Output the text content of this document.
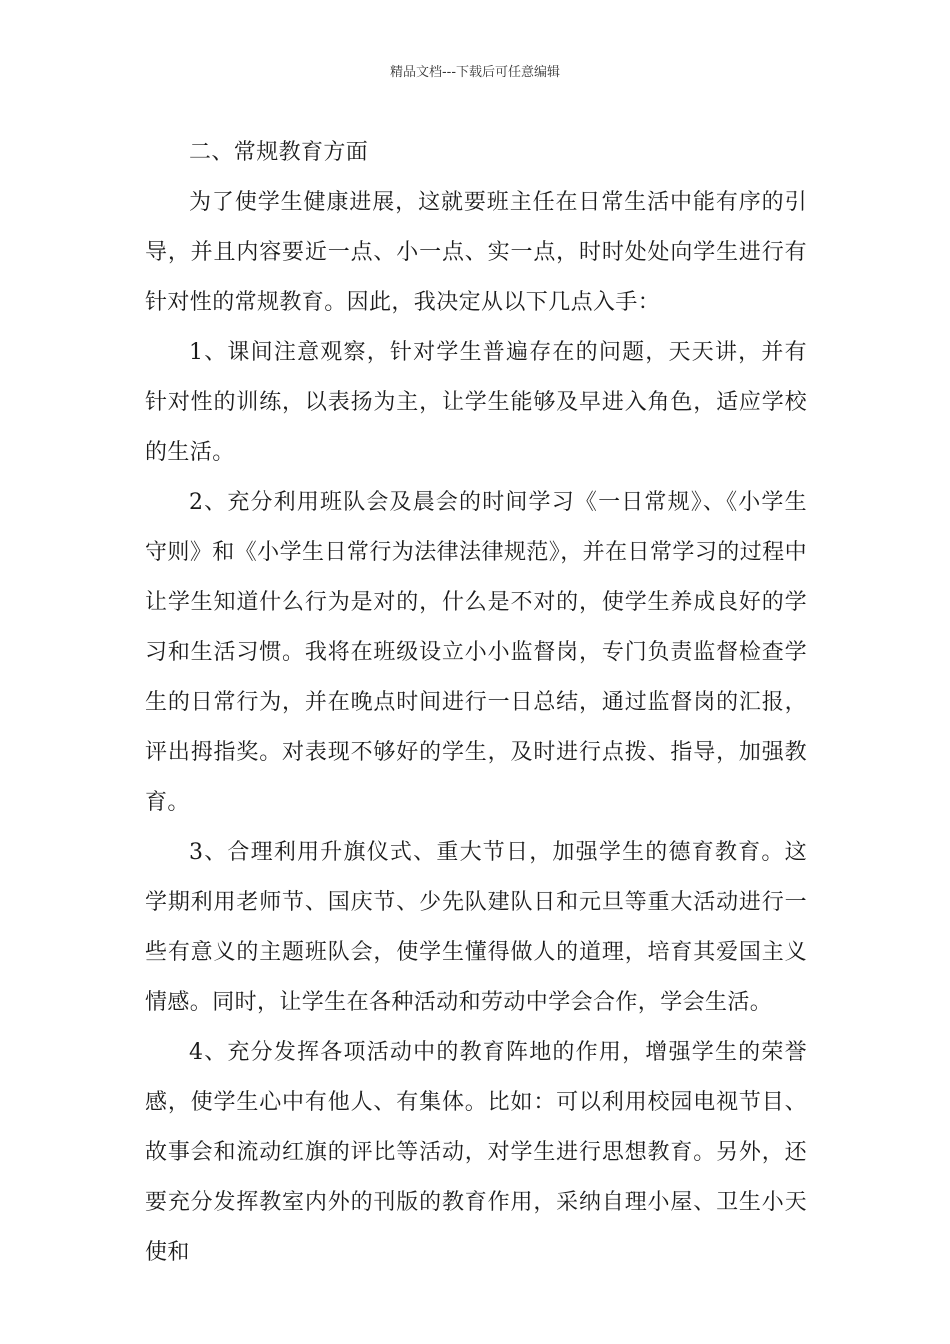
精品文档---下载后可任意编辑

二、常规教育方面

为了使学生健康进展，这就要班主任在日常生活中能有序的引导，并且内容要近一点、小一点、实一点，时时处处向学生进行有针对性的常规教育。因此，我决定从以下几点入手：

1、课间注意观察，针对学生普遍存在的问题，天天讲，并有针对性的训练，以表扬为主，让学生能够及早进入角色，适应学校的生活。

2、充分利用班队会及晨会的时间学习《一日常规》、《小学生守则》和《小学生日常行为法律法律规范》，并在日常学习的过程中让学生知道什么行为是对的，什么是不对的，使学生养成良好的学习和生活习惯。我将在班级设立小小监督岗，专门负责监督检查学生的日常行为，并在晚点时间进行一日总结，通过监督岗的汇报，评出拇指奖。对表现不够好的学生，及时进行点拨、指导，加强教育。

3、合理利用升旗仪式、重大节日，加强学生的德育教育。这学期利用老师节、国庆节、少先队建队日和元旦等重大活动进行一些有意义的主题班队会，使学生懂得做人的道理，培育其爱国主义情感。同时，让学生在各种活动和劳动中学会合作，学会生活。

4、充分发挥各项活动中的教育阵地的作用，增强学生的荣誉感，使学生心中有他人、有集体。比如：可以利用校园电视节目、故事会和流动红旗的评比等活动，对学生进行思想教育。另外，还要充分发挥教室内外的刊版的教育作用，采纳自理小屋、卫生小天使和
